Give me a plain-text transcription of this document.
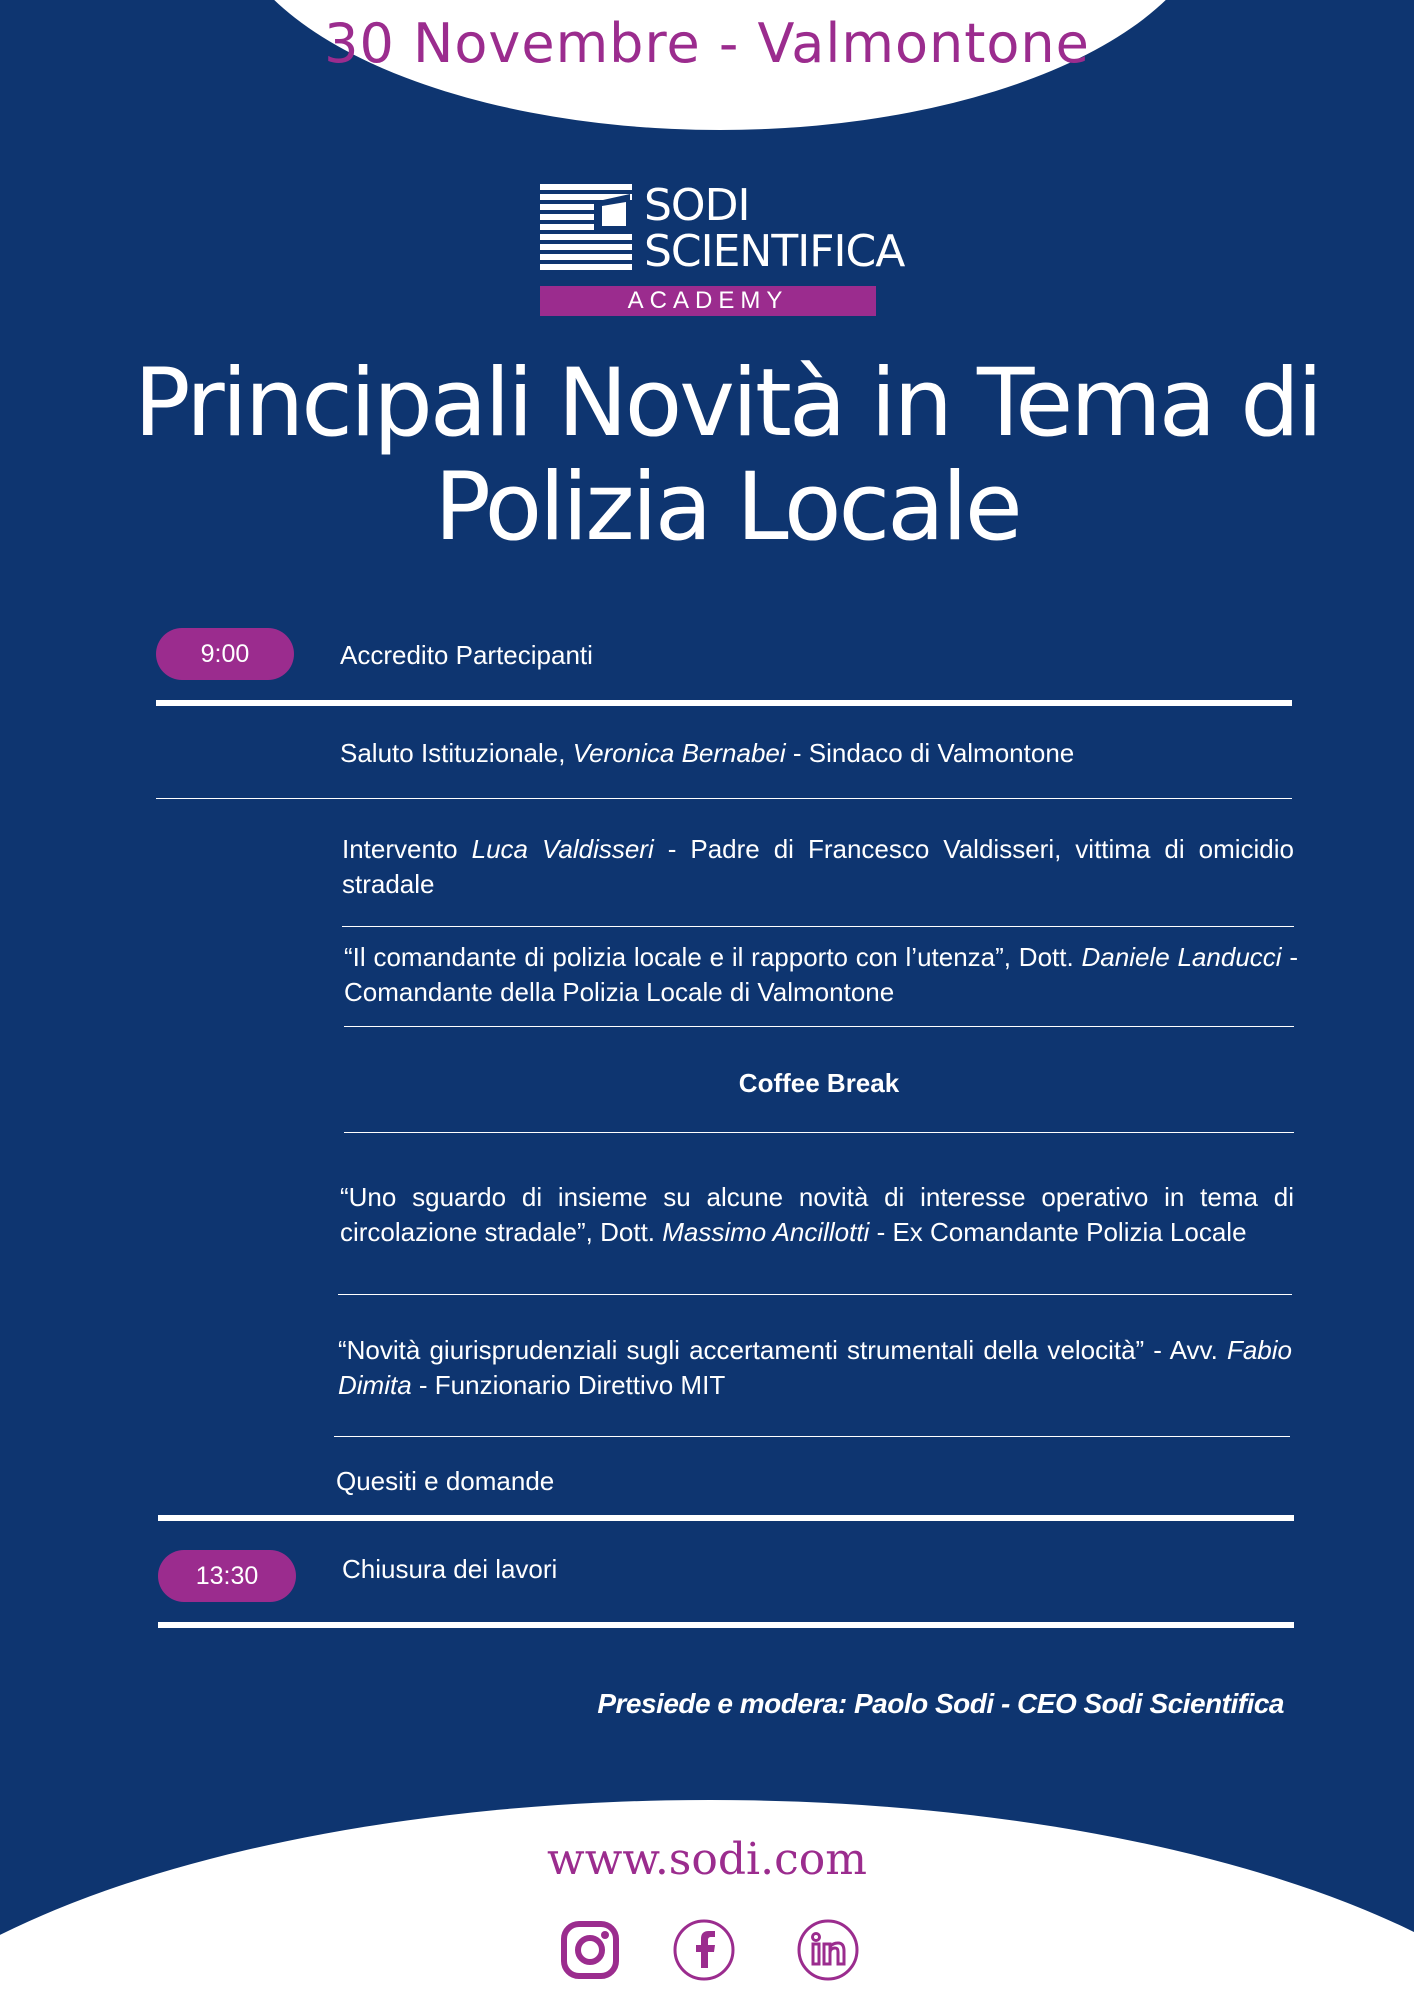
30 Novembre - Valmontone
SODI
SCIENTIFICA
ACADEMY
Principali Novità in Tema di
Polizia Locale
9:00	Accredito Partecipanti
Saluto Istituzionale, Veronica Bernabei - Sindaco di Valmontone
Intervento Luca Valdisseri - Padre di Francesco Valdisseri, vittima di omicidio stradale
“Il comandante di polizia locale e il rapporto con l’utenza”, Dott. Daniele Landucci - Comandante della Polizia Locale di Valmontone
Coffee Break
“Uno sguardo di insieme su alcune novità di interesse operativo in tema di circolazione stradale”, Dott. Massimo Ancillotti - Ex Comandante Polizia Locale
“Novità giurisprudenziali sugli accertamenti strumentali della velocità” - Avv. Fabio Dimita - Funzionario Direttivo MIT
Quesiti e domande
13:30	Chiusura dei lavori
Presiede e modera: Paolo Sodi - CEO Sodi Scientifica
www.sodi.com
